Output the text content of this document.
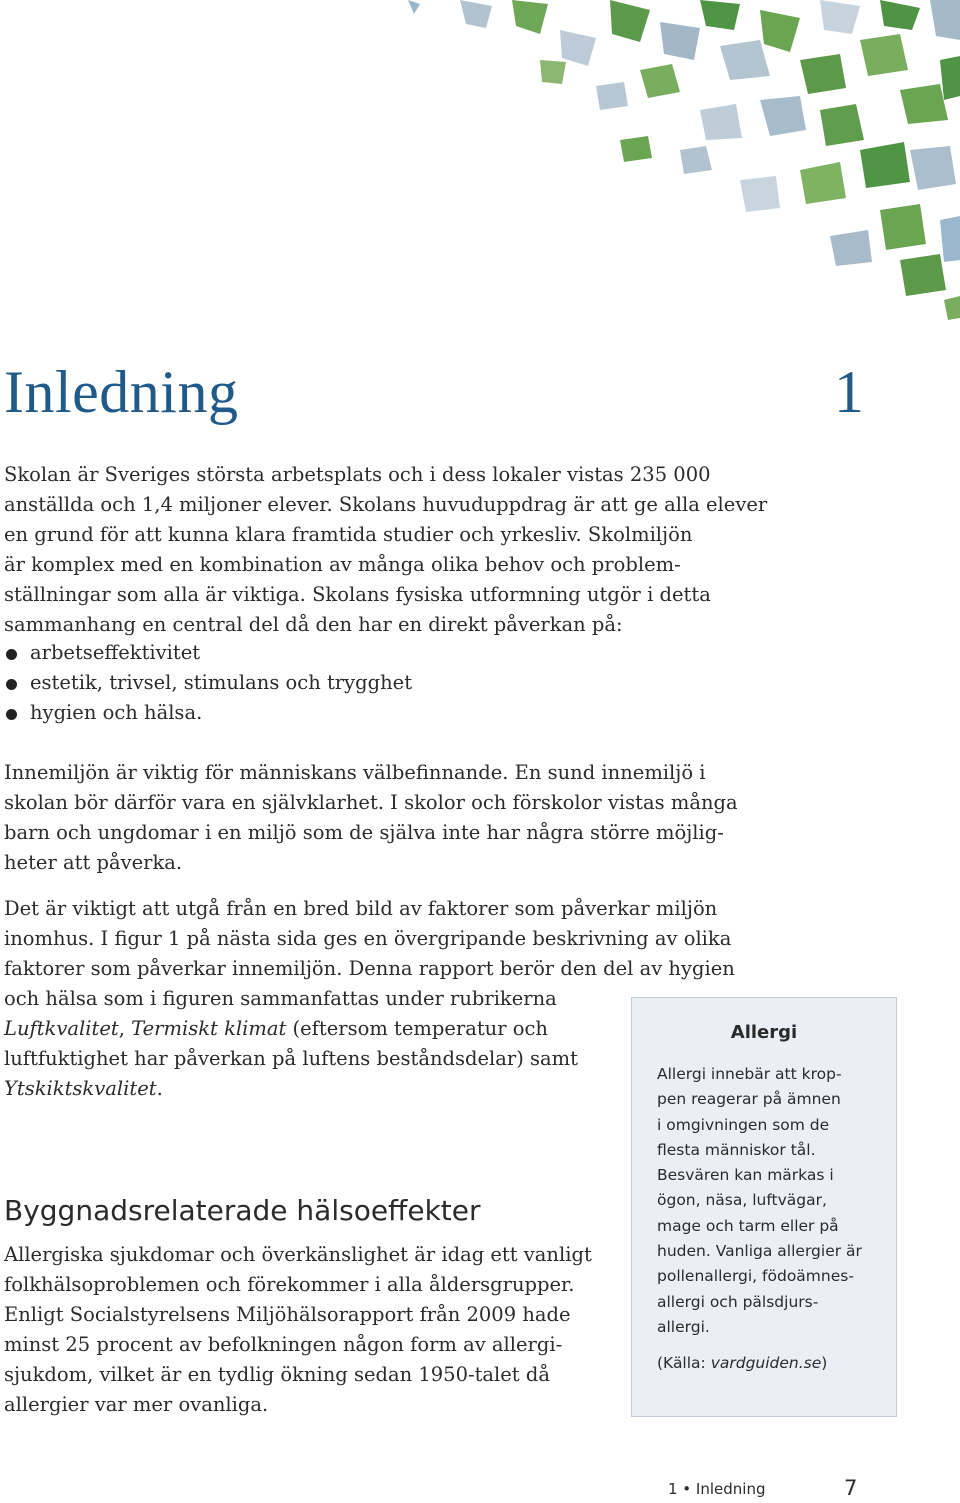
Inledning	1

Skolan är Sveriges största arbetsplats och i dess lokaler vistas 235 000
anställda och 1,4 miljoner elever. Skolans huvuduppdrag är att ge alla elever
en grund för att kunna klara framtida studier och yrkesliv. Skolmiljön
är komplex med en kombination av många olika behov och problem-
ställningar som alla är viktiga. Skolans fysiska utformning utgör i detta
sammanhang en central del då den har en direkt påverkan på:

arbetseffektivitet
estetik, trivsel, stimulans och trygghet
hygien och hälsa.

Innemiljön är viktig för människans välbefinnande. En sund innemiljö i
skolan bör därför vara en självklarhet. I skolor och förskolor vistas många
barn och ungdomar i en miljö som de själva inte har några större möjlig-
heter att påverka.

Det är viktigt att utgå från en bred bild av faktorer som påverkar miljön
inomhus. I figur 1 på nästa sida ges en övergripande beskrivning av olika
faktorer som påverkar innemiljön. Denna rapport berör den del av hygien

och hälsa som i figuren sammanfattas under rubrikerna
Luftkvalitet, Termiskt klimat (eftersom temperatur och
luftfuktighet har påverkan på luftens beståndsdelar) samt
Ytskiktskvalitet.

Byggnadsrelaterade hälsoeffekter

Allergiska sjukdomar och överkänslighet är idag ett vanligt
folkhälsoproblemen och förekommer i alla åldersgrupper.
Enligt Socialstyrelsens Miljöhälsorapport från 2009 hade
minst 25 procent av befolkningen någon form av allergi-
sjukdom, vilket är en tydlig ökning sedan 1950-talet då
allergier var mer ovanliga.

Allergi

Allergi innebär att krop-
pen reagerar på ämnen
i omgivningen som de
flesta människor tål.
Besvären kan märkas i
ögon, näsa, luftvägar,
mage och tarm eller på
huden. Vanliga allergier är
pollenallergi, födoämnes-
allergi och pälsdjurs-
allergi.

(Källa: vardguiden.se)

1 • Inledning	7
